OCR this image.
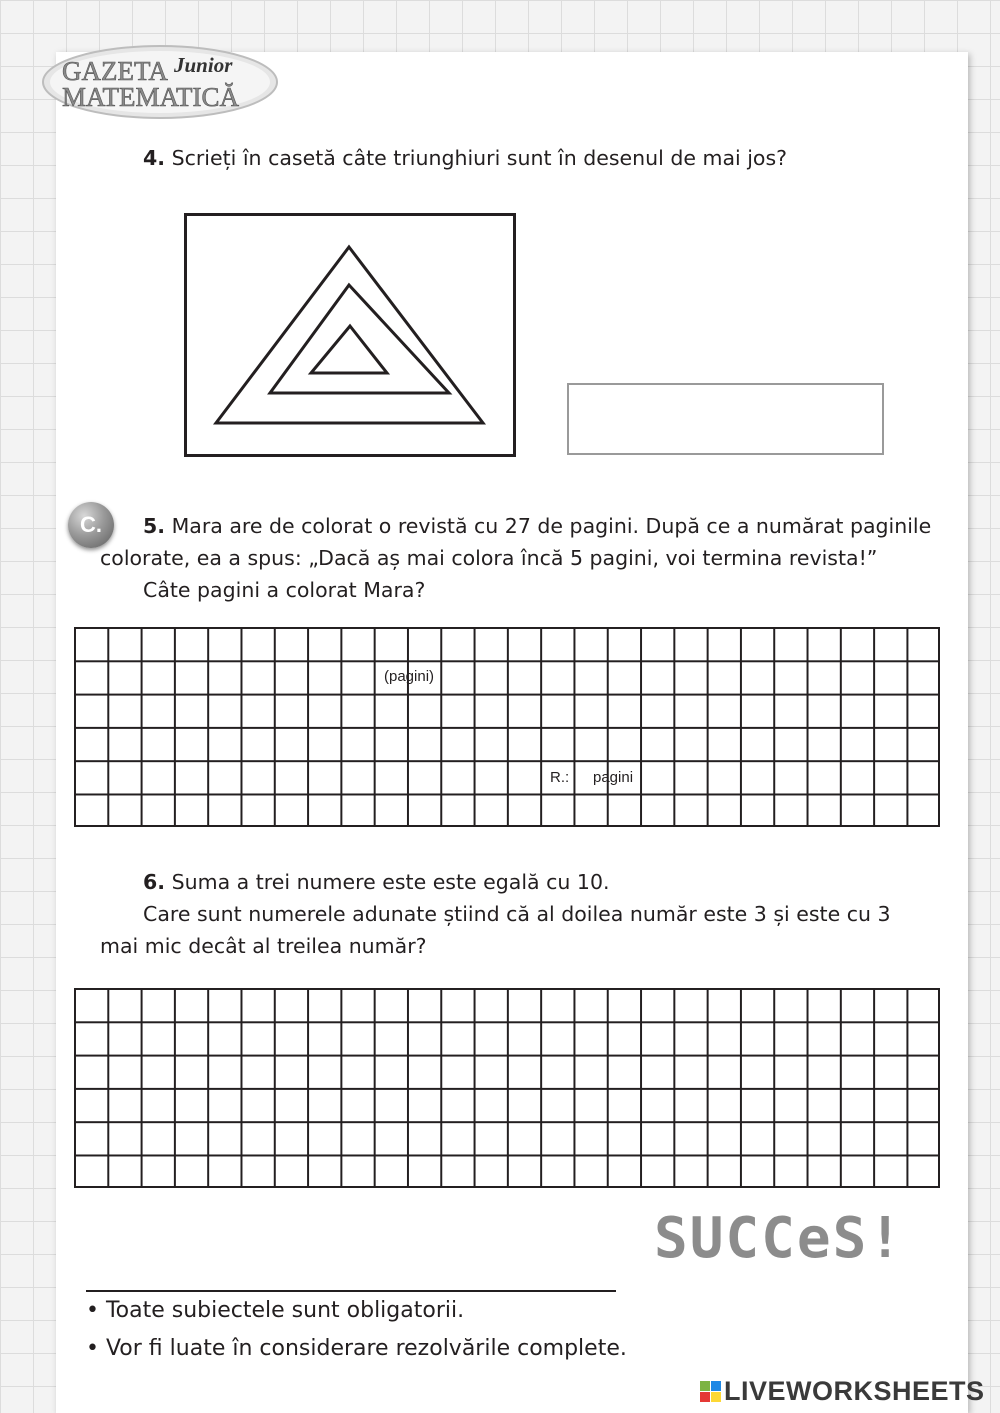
GAZETA Junior
MATEMATICĂ
4. Scrieți în casetă câte triunghiuri sunt în desenul de mai jos?
C.	5. Mara are de colorat o revistă cu 27 de pagini. După ce a numărat paginile
colorate, ea a spus: „Dacă aș mai colora încă 5 pagini, voi termina revista!”
Câte pagini a colorat Mara?
(pagini)
R.: pagini
6. Suma a trei numere este este egală cu 10.
Care sunt numerele adunate știind că al doilea număr este 3 și este cu 3
mai mic decât al treilea număr?
SUCCeS!
• Toate subiectele sunt obligatorii.
• Vor fi luate în considerare rezolvările complete.
LIVEWORKSHEETS
